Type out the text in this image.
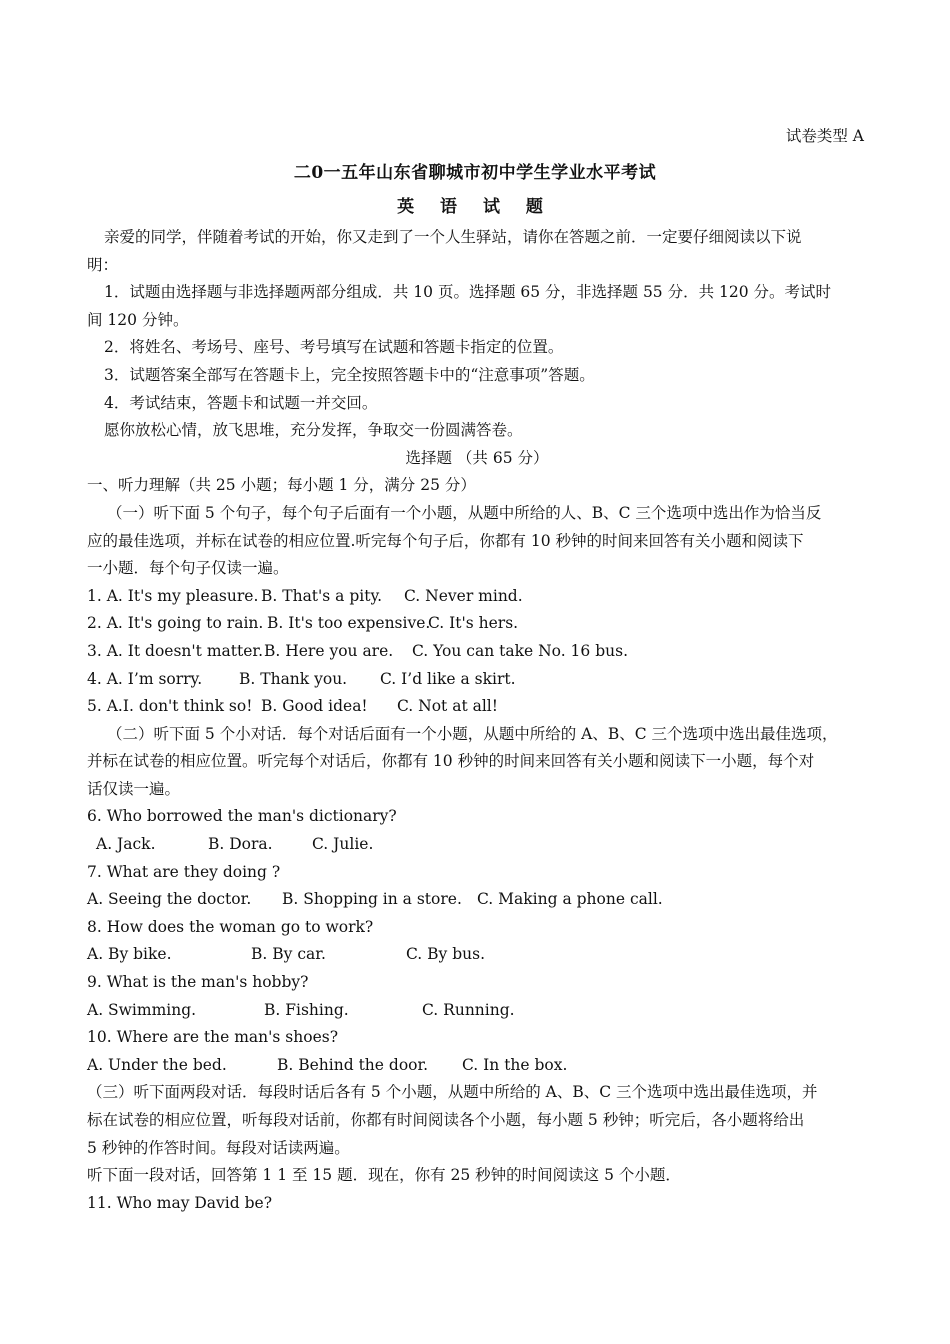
试卷类型 A
二0一五年山东省聊城市初中学生学业水平考试
英 语 试 题

亲爱的同学，伴随着考试的开始，你又走到了一个人生驿站，请你在答题之前．一定要仔细阅读以下说

明：

1．试题由选择题与非选择题两部分组成．共 10 页。选择题 65 分，非选择题 55 分．共 120 分。考试时

间 120 分钟。

2．将姓名、考场号、座号、考号填写在试题和答题卡指定的位置。

3．试题答案全部写在答题卡上，完全按照答题卡中的“注意事项”答题。

4．考试结束，答题卡和试题一并交回。

愿你放松心情，放飞思堆，充分发挥，争取交一份圆满答卷。

选择题 （共 65 分）

一、听力理解（共 25 小题；每小题 1 分，满分 25 分）

（一）听下面 5 个句子，每个句子后面有一个小题，从题中所给的人、B、C 三个选项中选出作为恰当反

应的最佳选项，并标在试卷的相应位置.听完每个句子后，你都有 10 秒钟的时间来回答有关小题和阅读下

一小题．每个句子仅读一遍。

1. A. It's my pleasure. B. That's a pity.	C. Never mind.
2. A. It's going to rain. B. It's too expensive.
C. It's hers.
3. A. It doesn't matter. B. Here you are.	C. You can take No. 16 bus.
4. A. I’m sorry.	B. Thank you.	C. I’d like a skirt.
5. A.I. don't think so! B. Good idea!	C. Not at all!

（二）听下面 5 个小对话．每个对话后面有一个小题，从题中所给的 A、B、C 三个选项中选出最佳选项，

并标在试卷的相应位置。听完每个对话后，你都有 10 秒钟的时间来回答有关小题和阅读下一小题，每个对

话仅读一遍。

6. Who borrowed the man's dictionary?

A. Jack.	B. Dora.	C. Julie.

7. What are they doing ?

A. Seeing the doctor.	B. Shopping in a store. C. Making a phone call.

8. How does the woman go to work?

A. By bike.	B. By car.	C. By bus.

9. What is the man's hobby?

A. Swimming.	B. Fishing.	C. Running.

10. Where are the man's shoes?

A. Under the bed.	B. Behind the door.	C. In the box.

（三）听下面两段对话．每段时话后各有 5 个小题，从题中所给的 A、B、C 三个选项中选出最佳选项，并

标在试卷的相应位置，听每段对话前，你都有时间阅读各个小题，每小题 5 秒钟；听完后，各小题将给出

5 秒钟的作答时间。每段对话读两遍。

听下面一段对话，回答第 1 1 至 15 题．现在，你有 25 秒钟的时间阅读这 5 个小题．

11. Who may David be?
